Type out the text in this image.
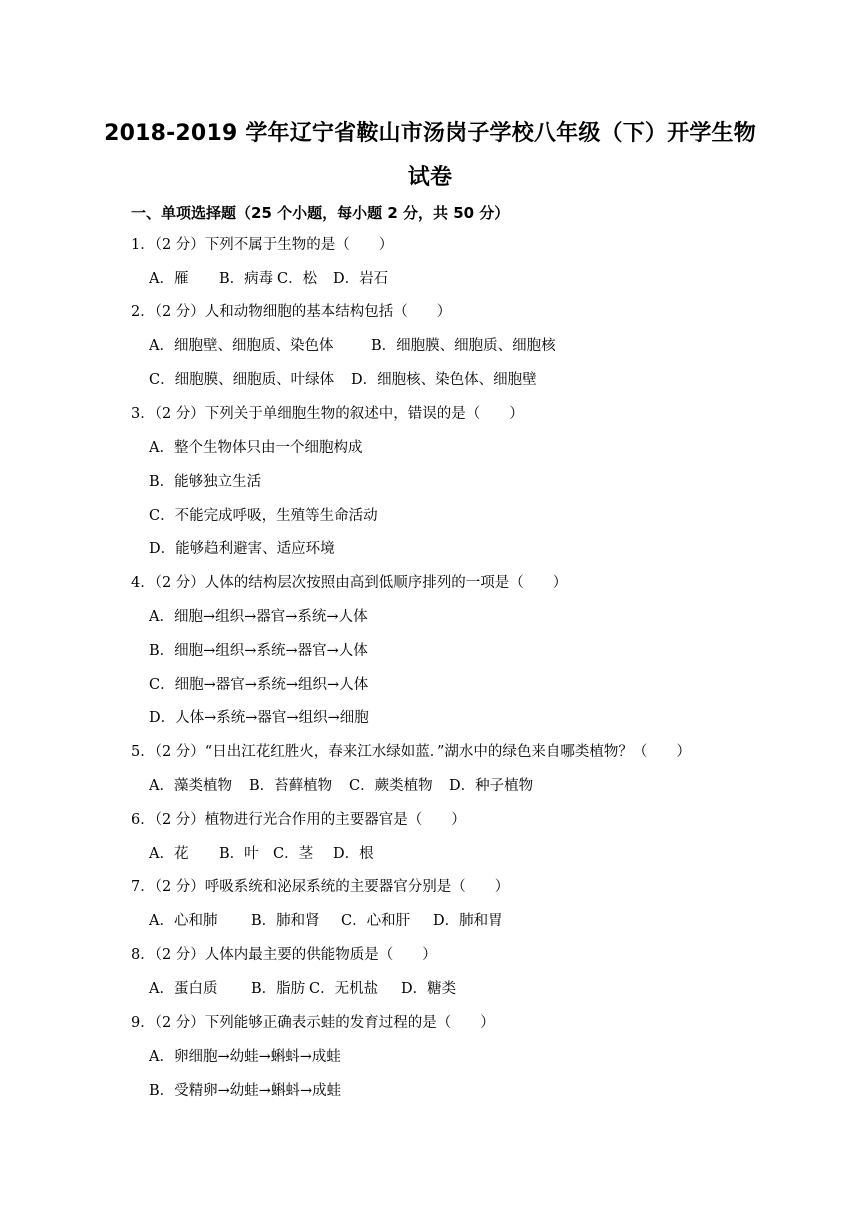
2018-2019 学年辽宁省鞍山市汤岗子学校八年级（下）开学生物
试卷
一、单项选择题（25 个小题，每小题 2 分，共 50 分）
1．（2 分）下列不属于生物的是（　　）
A．雁 B．病毒 C．松 D．岩石
2．（2 分）人和动物细胞的基本结构包括（　　）
A．细胞壁、细胞质、染色体	B．细胞膜、细胞质、细胞核
C．细胞膜、细胞质、叶绿体 D．细胞核、染色体、细胞壁
3．（2 分）下列关于单细胞生物的叙述中，错误的是（　　）
A．整个生物体只由一个细胞构成
B．能够独立生活
C．不能完成呼吸，生殖等生命活动
D．能够趋利避害、适应环境
4．（2 分）人体的结构层次按照由高到低顺序排列的一项是（　　）
A．细胞→组织→器官→系统→人体
B．细胞→组织→系统→器官→人体
C．细胞→器官→系统→组织→人体
D．人体→系统→器官→组织→细胞
5．（2 分）“日出江花红胜火，春来江水绿如蓝．”湖水中的绿色来自哪类植物？（　　）
A．藻类植物 B．苔藓植物 C．蕨类植物 D．种子植物
6．（2 分）植物进行光合作用的主要器官是（　　）
A．花 B．叶 C．茎 D．根
7．（2 分）呼吸系统和泌尿系统的主要器官分别是（　　）
A．心和肺 B．肺和肾 C．心和肝 D．肺和胃
8．（2 分）人体内最主要的供能物质是（　　）
A．蛋白质 B．脂肪 C．无机盐 D．糖类
9．（2 分）下列能够正确表示蛙的发育过程的是（　　）
A．卵细胞→幼蛙→蝌蚪→成蛙
B．受精卵→幼蛙→蝌蚪→成蛙
